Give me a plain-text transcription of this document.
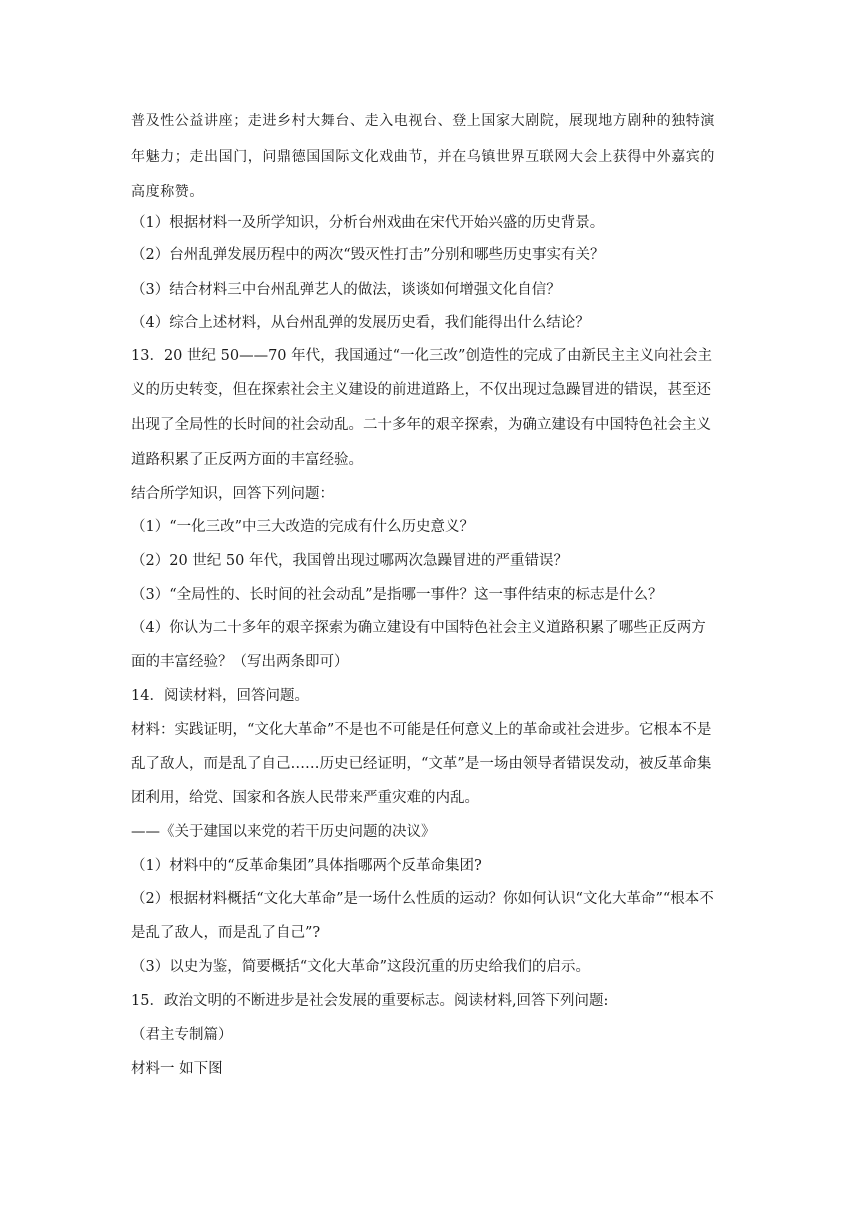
普及性公益讲座；走进乡村大舞台、走入电视台、登上国家大剧院，展现地方剧种的独特演
年魅力；走出国门，问鼎德国国际文化戏曲节，并在乌镇世界互联网大会上获得中外嘉宾的
高度称赞。
（1）根据材料一及所学知识，分析台州戏曲在宋代开始兴盛的历史背景。
（2）台州乱弹发展历程中的两次“毁灭性打击”分别和哪些历史事实有关？
（3）结合材料三中台州乱弹艺人的做法，谈谈如何增强文化自信？
（4）综合上述材料，从台州乱弹的发展历史看，我们能得出什么结论？
13．20 世纪 50——70 年代，我国通过“一化三改”创造性的完成了由新民主主义向社会主
义的历史转变，但在探索社会主义建设的前进道路上，不仅出现过急躁冒进的错误，甚至还
出现了全局性的长时间的社会动乱。二十多年的艰辛探索，为确立建设有中国特色社会主义
道路积累了正反两方面的丰富经验。
结合所学知识，回答下列问题：
（1）“一化三改”中三大改造的完成有什么历史意义？
（2）20 世纪 50 年代，我国曾出现过哪两次急躁冒进的严重错误？
（3）“全局性的、长时间的社会动乱”是指哪一事件？这一事件结束的标志是什么？
（4）你认为二十多年的艰辛探索为确立建设有中国特色社会主义道路积累了哪些正反两方
面的丰富经验？（写出两条即可）
14．阅读材料，回答问题。
材料：实践证明，“文化大革命”不是也不可能是任何意义上的革命或社会进步。它根本不是
乱了敌人，而是乱了自己……历史已经证明，“文革”是一场由领导者错误发动，被反革命集
团利用，给党、国家和各族人民带来严重灾难的内乱。
——《关于建国以来党的若干历史问题的决议》
（1）材料中的“反革命集团”具体指哪两个反革命集团?
（2）根据材料概括“文化大革命”是一场什么性质的运动？你如何认识“文化大革命”“根本不
是乱了敌人，而是乱了自己”?
（3）以史为鉴，简要概括“文化大革命”这段沉重的历史给我们的启示。
15．政治文明的不断进步是社会发展的重要标志。阅读材料,回答下列问题:
（君主专制篇）
材料一 如下图
